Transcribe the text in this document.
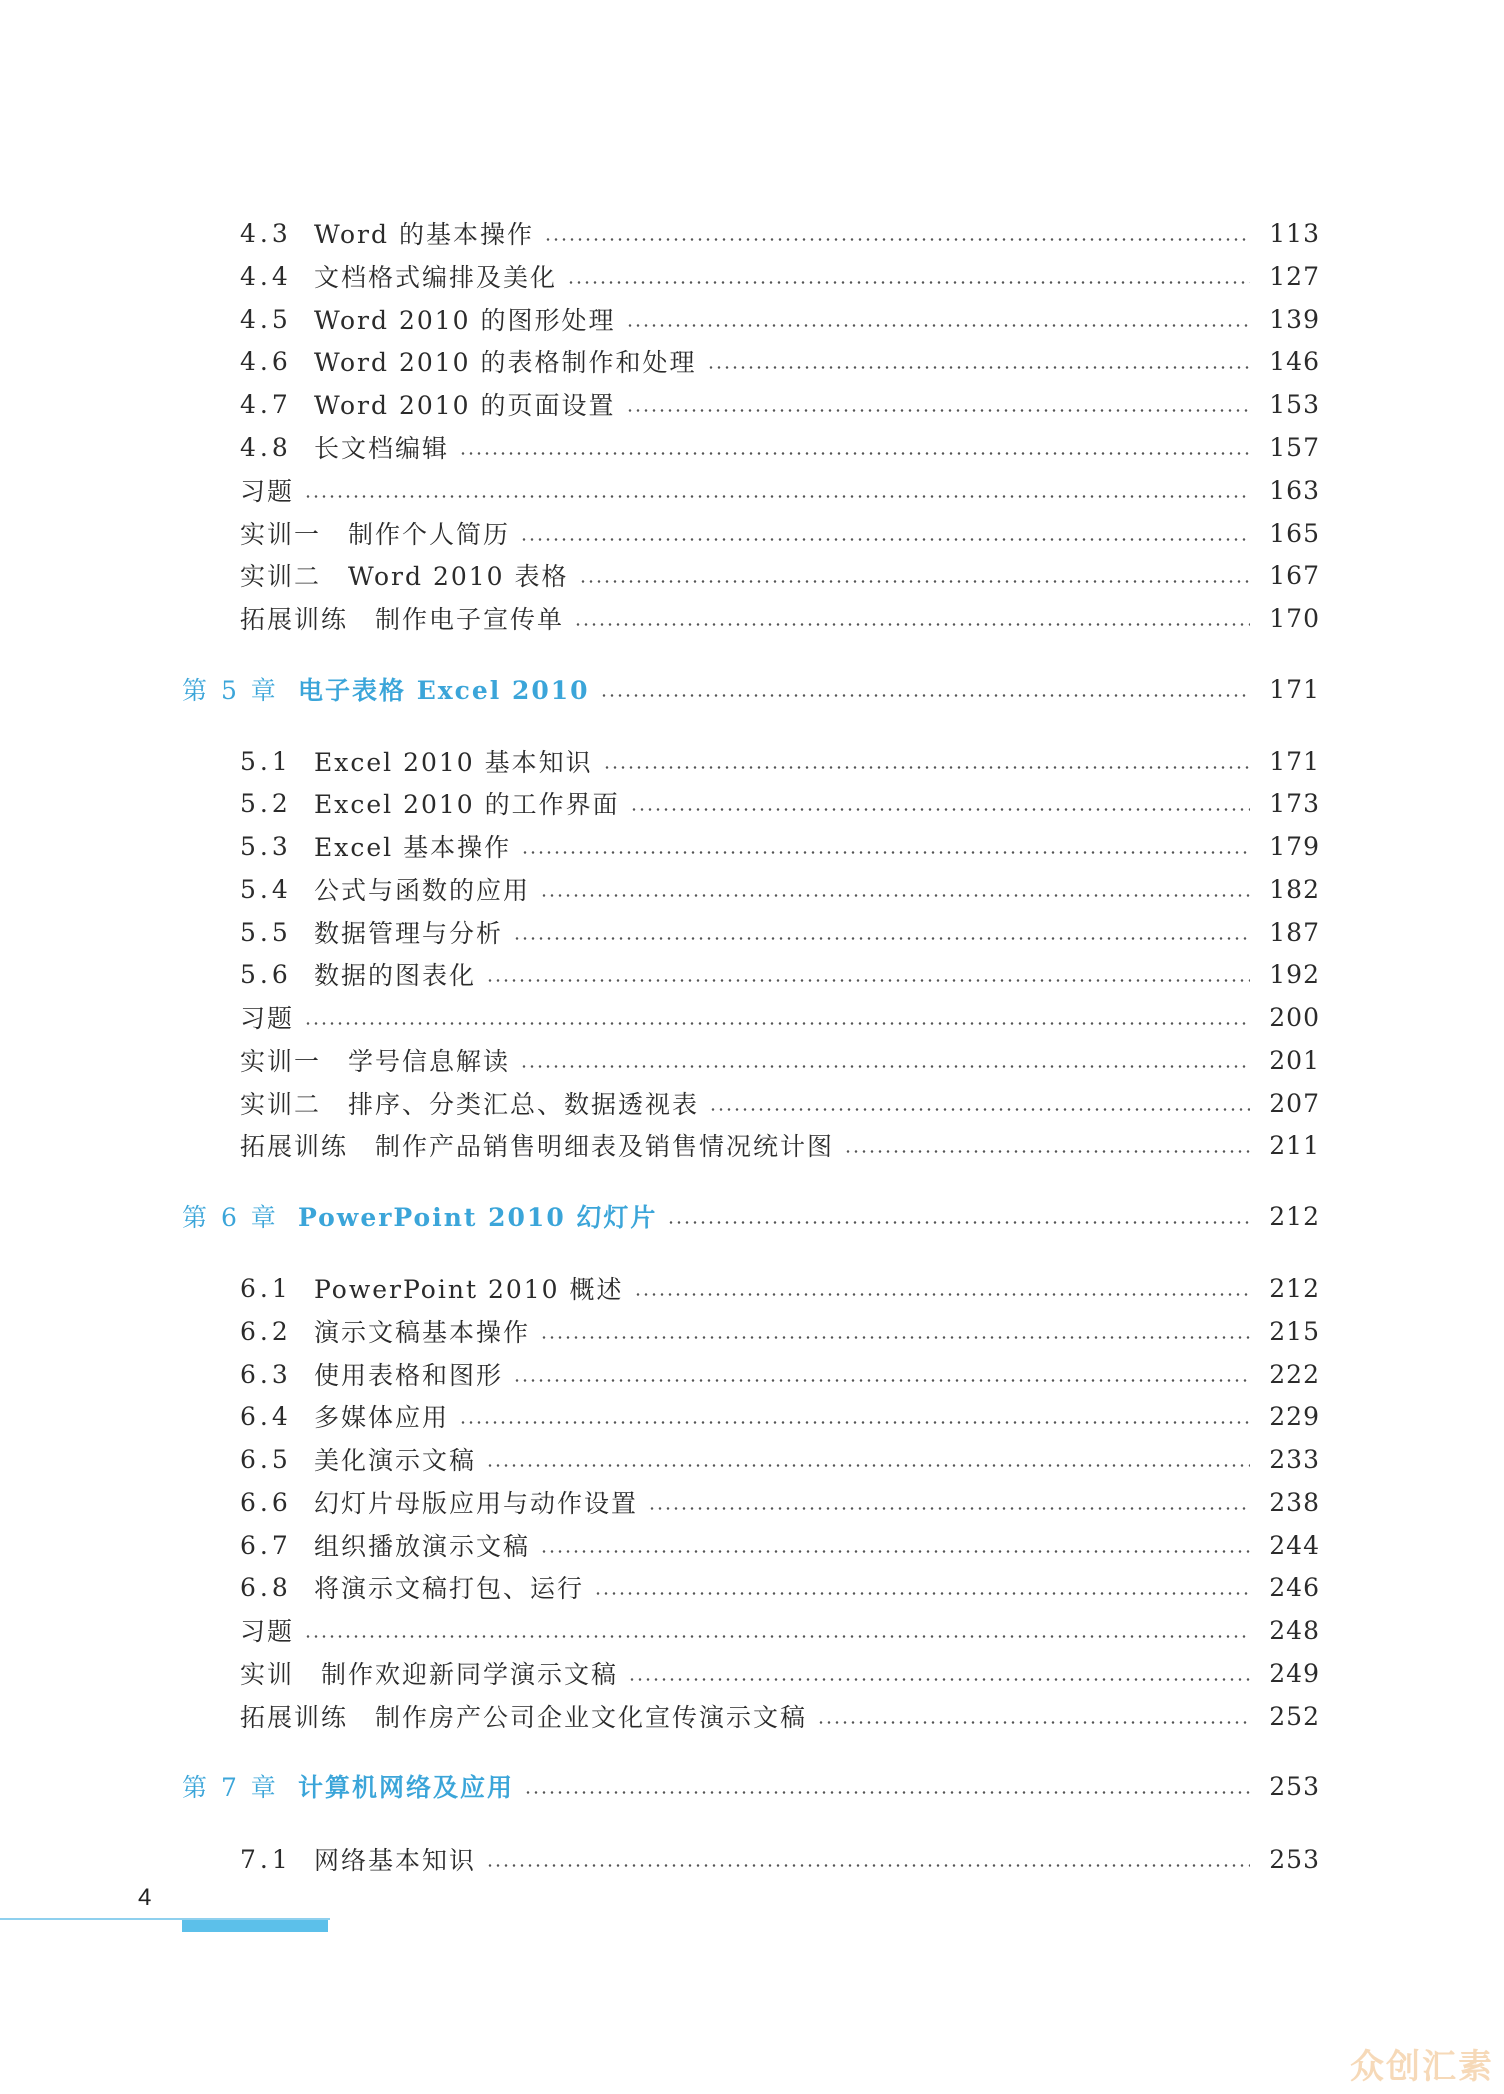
4.3 Word 的基本操作	113
4.4 文档格式编排及美化	127
4.5 Word 2010 的图形处理	139
4.6 Word 2010 的表格制作和处理	146
4.7 Word 2010 的页面设置	153
4.8 长文档编辑	157
习题	163
实训一　制作个人简历	165
实训二　Word 2010 表格	167
拓展训练　制作电子宣传单	170
第 5 章 电子表格 Excel 2010	171
5.1 Excel 2010 基本知识	171
5.2 Excel 2010 的工作界面	173
5.3 Excel 基本操作	179
5.4 公式与函数的应用	182
5.5 数据管理与分析	187
5.6 数据的图表化	192
习题	200
实训一　学号信息解读	201
实训二　排序、分类汇总、数据透视表	207
拓展训练　制作产品销售明细表及销售情况统计图	211
第 6 章 PowerPoint 2010 幻灯片	212
6.1 PowerPoint 2010 概述	212
6.2 演示文稿基本操作	215
6.3 使用表格和图形	222
6.4 多媒体应用	229
6.5 美化演示文稿	233
6.6 幻灯片母版应用与动作设置	238
6.7 组织播放演示文稿	244
6.8 将演示文稿打包、运行	246
习题	248
实训　制作欢迎新同学演示文稿	249
拓展训练　制作房产公司企业文化宣传演示文稿	252
第 7 章 计算机网络及应用	253
7.1 网络基本知识	253
4
众创汇素
